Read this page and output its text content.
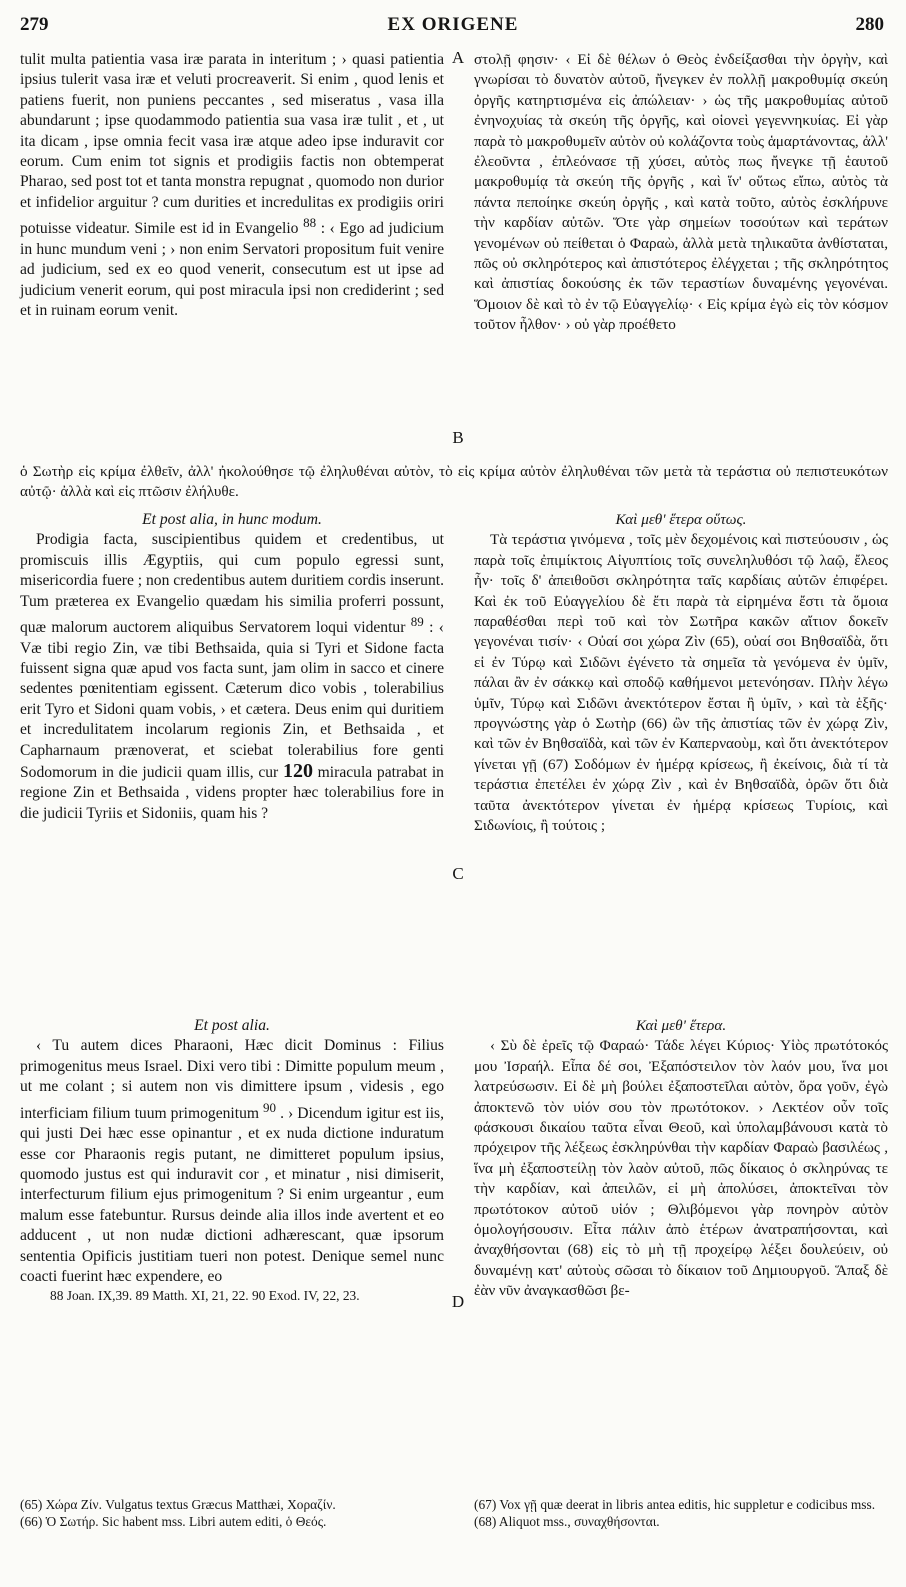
279	EX ORIGENE	280
A
B
C
D

tulit multa patientia vasa iræ parata in interitum ; › quasi patientia ipsius tulerit vasa iræ et veluti procreaverit. Si enim , quod lenis et patiens fuerit, non puniens peccantes , sed miseratus , vasa illa abundarunt ; ipse quodammodo patientia sua vasa iræ tulit , et , ut ita dicam , ipse omnia fecit vasa iræ atque adeo ipse induravit cor eorum. Cum enim tot signis et prodigiis factis non obtemperat Pharao, sed post tot et tanta monstra repugnat , quomodo non durior et infidelior arguitur ? cum durities et incredulitas ex prodigiis oriri potuisse videatur. Simile est id in Evangelio $^{88}$ : ‹ Ego ad judicium in hunc mundum veni ; › non enim Servatori propositum fuit venire ad judicium, sed ex eo quod venerit, consecutum est ut ipse ad judicium venerit eorum, qui post miracula ipsi non crediderint ; sed et in ruinam eorum venit.

στολῇ φησιν· ‹ Εἰ δὲ θέλων ὁ Θεὸς ἐνδείξασθαι τὴν ὀργὴν, καὶ γνωρίσαι τὸ δυνατὸν αὐτοῦ, ἤνεγκεν ἐν πολλῇ μακροθυμίᾳ σκεύη ὀργῆς κατηρτισμένα εἰς ἀπώλειαν· › ὡς τῆς μακροθυμίας αὐτοῦ ἐνηνοχυίας τὰ σκεύη τῆς ὀργῆς, καὶ οἱονεὶ γεγεννηκυίας. Εἰ γὰρ παρὰ τὸ μακροθυμεῖν αὐτὸν οὐ κολάζοντα τοὺς ἁμαρτάνοντας, ἀλλ' ἐλεοῦντα , ἐπλεόνασε τῇ χύσει, αὐτὸς πως ἤνεγκε τῇ ἑαυτοῦ μακροθυμίᾳ τὰ σκεύη τῆς ὀργῆς , καὶ ἵν' οὕτως εἴπω, αὐτὸς τὰ πάντα πεποίηκε σκεύη ὀργῆς , καὶ κατὰ τοῦτο, αὐτὸς ἐσκλήρυνε τὴν καρδίαν αὐτῶν. Ὅτε γὰρ σημείων τοσούτων καὶ τεράτων γενομένων οὐ πείθεται ὁ Φαραὼ, ἀλλὰ μετὰ τηλικαῦτα ἀνθίσταται, πῶς οὐ σκληρότερος καὶ ἀπιστότερος ἐλέγχεται ; τῆς σκληρότητος καὶ ἀπιστίας δοκούσης ἐκ τῶν τεραστίων δυναμένης γεγονέναι. Ὅμοιον δὲ καὶ τὸ ἐν τῷ Εὐαγγελίῳ· ‹ Εἰς κρίμα ἐγὼ εἰς τὸν κόσμον τοῦτον ἦλθον· › οὐ γὰρ προέθετο

ὁ Σωτὴρ εἰς κρίμα ἐλθεῖν, ἀλλ' ἠκολούθησε τῷ ἐληλυθέναι αὐτὸν, τὸ εἰς κρίμα αὐτὸν ἐληλυθέναι τῶν μετὰ τὰ τεράστια οὐ πεπιστευκότων αὐτῷ· ἀλλὰ καὶ εἰς πτῶσιν ἐλήλυθε.

Et post alia, in hunc modum.

Prodigia facta, suscipientibus quidem et credentibus, ut promiscuis illis Ægyptiis, qui cum populo egressi sunt, misericordia fuere ; non credentibus autem duritiem cordis inserunt. Tum præterea ex Evangelio quædam his similia proferri possunt, quæ malorum auctorem aliquibus Servatorem loqui videntur $^{89}$ : ‹ Væ tibi regio Zin, væ tibi Bethsaida, quia si Tyri et Sidone facta fuissent signa quæ apud vos facta sunt, jam olim in sacco et cinere sedentes pœnitentiam egissent. Cæterum dico vobis , tolerabilius erit Tyro et Sidoni quam vobis, › et cætera. Deus enim qui duritiem et incredulitatem incolarum regionis Zin, et Bethsaida , et Capharnaum prænoverat, et sciebat tolerabilius fore genti Sodomorum in die judicii quam illis, cur 120 miracula patrabat in regione Zin et Bethsaida , videns propter hæc tolerabilius fore in die judicii Tyriis et Sidoniis, quam his ?

Καὶ μεθ' ἕτερα οὕτως.

Τὰ τεράστια γινόμενα , τοῖς μὲν δεχομένοις καὶ πιστεύουσιν , ὡς παρὰ τοῖς ἐπιμίκτοις Αἰγυπτίοις τοῖς συνεληλυθόσι τῷ λαῷ, ἔλεος ἦν· τοῖς δ' ἀπειθοῦσι σκληρότητα ταῖς καρδίαις αὐτῶν ἐπιφέρει. Καὶ ἐκ τοῦ Εὐαγγελίου δὲ ἔτι παρὰ τὰ εἰρημένα ἔστι τὰ ὅμοια παραθέσθαι περὶ τοῦ καὶ τὸν Σωτῆρα κακῶν αἴτιον δοκεῖν γεγονέναι τισίν· ‹ Οὐαί σοι χώρα Ζὶν (65), οὐαί σοι Βηθσαϊδὰ, ὅτι εἰ ἐν Τύρῳ καὶ Σιδῶνι ἐγένετο τὰ σημεῖα τὰ γενόμενα ἐν ὑμῖν, πάλαι ἂν ἐν σάκκῳ καὶ σποδῷ καθήμενοι μετενόησαν. Πλὴν λέγω ὑμῖν, Τύρῳ καὶ Σιδῶνι ἀνεκτότερον ἔσται ἢ ὑμῖν, › καὶ τὰ ἑξῆς· προγνώστης γὰρ ὁ Σωτὴρ (66) ὢν τῆς ἀπιστίας τῶν ἐν χώρᾳ Ζὶν, καὶ τῶν ἐν Βηθσαϊδὰ, καὶ τῶν ἐν Καπερναοὺμ, καὶ ὅτι ἀνεκτότερον γίνεται γῇ (67) Σοδόμων ἐν ἡμέρᾳ κρίσεως, ἢ ἐκείνοις, διὰ τί τὰ τεράστια ἐπετέλει ἐν χώρᾳ Ζὶν , καὶ ἐν Βηθσαϊδὰ, ὁρῶν ὅτι διὰ ταῦτα ἀνεκτότερον γίνεται ἐν ἡμέρᾳ κρίσεως Τυρίοις, καὶ Σιδωνίοις, ἢ τούτοις ;

Et post alia.

‹ Tu autem dices Pharaoni, Hæc dicit Dominus : Filius primogenitus meus Israel. Dixi vero tibi : Dimitte populum meum , ut me colant ; si autem non vis dimittere ipsum , videsis , ego interficiam filium tuum primogenitum $^{90}$ . › Dicendum igitur est iis, qui justi Dei hæc esse opinantur , et ex nuda dictione induratum esse cor Pharaonis regis putant, ne dimitteret populum ipsius, quomodo justus est qui induravit cor , et minatur , nisi dimiserit, interfecturum filium ejus primogenitum ? Si enim urgeantur , eum malum esse fatebuntur. Rursus deinde alia illos inde avertent et eo adducent , ut non nudæ dictioni adhærescant, quæ ipsorum sententia Opificis justitiam tueri non potest. Denique semel nunc coacti fuerint hæc expendere, eo

88 Joan. IX,39. 89 Matth. XI, 21, 22. 90 Exod. IV, 22, 23.

Καὶ μεθ' ἕτερα.

‹ Σὺ δὲ ἐρεῖς τῷ Φαραώ· Τάδε λέγει Κύριος· Υἱὸς πρωτότοκός μου Ἰσραήλ. Εἶπα δέ σοι, Ἐξαπόστειλον τὸν λαόν μου, ἵνα μοι λατρεύσωσιν. Εἰ δὲ μὴ βούλει ἐξαποστεῖλαι αὐτὸν, ὅρα γοῦν, ἐγὼ ἀποκτενῶ τὸν υἱόν σου τὸν πρωτότοκον. › Λεκτέον οὖν τοῖς φάσκουσι δικαίου ταῦτα εἶναι Θεοῦ, καὶ ὑπολαμβάνουσι κατὰ τὸ πρόχειρον τῆς λέξεως ἐσκληρύνθαι τὴν καρδίαν Φαραὼ βασιλέως , ἵνα μὴ ἐξαποστείλῃ τὸν λαὸν αὐτοῦ, πῶς δίκαιος ὁ σκληρύνας τε τὴν καρδίαν, καὶ ἀπειλῶν, εἰ μὴ ἀπολύσει, ἀποκτεῖναι τὸν πρωτότοκον αὐτοῦ υἱόν ; Θλιβόμενοι γὰρ πονηρὸν αὐτὸν ὁμολογήσουσιν. Εἶτα πάλιν ἀπὸ ἑτέρων ἀνατραπήσονται, καὶ ἀναχθήσονται (68) εἰς τὸ μὴ τῇ προχείρῳ λέξει δουλεύειν, οὐ δυναμένῃ κατ' αὐτοὺς σῶσαι τὸ δίκαιον τοῦ Δημιουργοῦ. Ἅπαξ δὲ ἐὰν νῦν ἀναγκασθῶσι βε-

(65) Χώρα Ζίν. Vulgatus textus Græcus Matthæi, Χοραζίν.
(66) Ὁ Σωτήρ. Sic habent mss. Libri autem editi, ὁ Θεός.
(67) Vox γῇ quæ deerat in libris antea editis, hic suppletur e codicibus mss.
(68) Aliquot mss., συναχθήσονται.
